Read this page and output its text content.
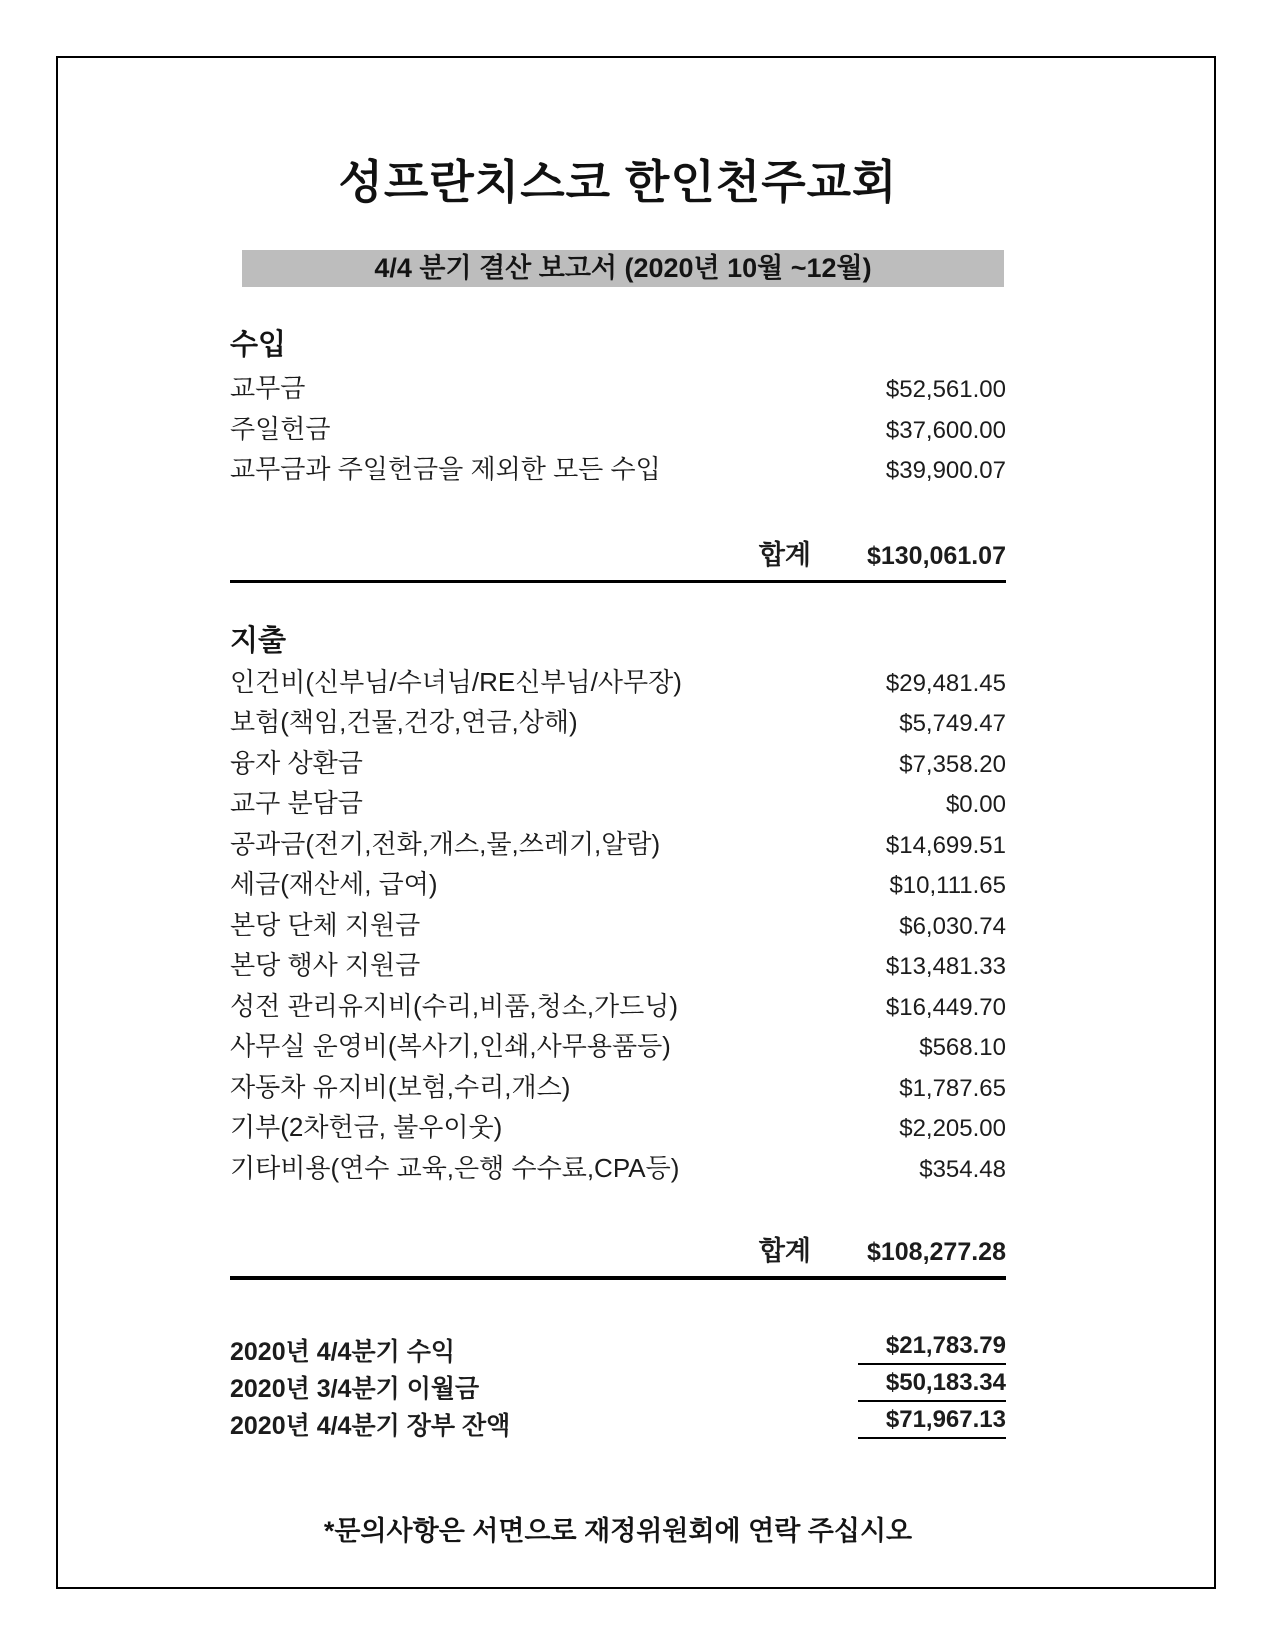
성프란치스코 한인천주교회
4/4 분기 결산 보고서 (2020년 10월 ~12월)
수입
교무금	$52,561.00
주일헌금	$37,600.00
교무금과 주일헌금을 제외한 모든 수입	$39,900.07
합계	$130,061.07
지출
인건비(신부님/수녀님/RE신부님/사무장)	$29,481.45
보험(책임,건물,건강,연금,상해)	$5,749.47
융자 상환금	$7,358.20
교구 분담금	$0.00
공과금(전기,전화,개스,물,쓰레기,알람)	$14,699.51
세금(재산세, 급여)	$10,111.65
본당 단체 지원금	$6,030.74
본당 행사 지원금	$13,481.33
성전 관리유지비(수리,비품,청소,가드닝)	$16,449.70
사무실 운영비(복사기,인쇄,사무용품등)	$568.10
자동차 유지비(보험,수리,개스)	$1,787.65
기부(2차헌금, 불우이웃)	$2,205.00
기타비용(연수 교육,은행 수수료,CPA등)	$354.48
합계	$108,277.28
2020년 4/4분기 수익	$21,783.79
2020년 3/4분기 이월금	$50,183.34
2020년 4/4분기 장부 잔액	$71,967.13
*문의사항은 서면으로 재정위원회에 연락 주십시오
